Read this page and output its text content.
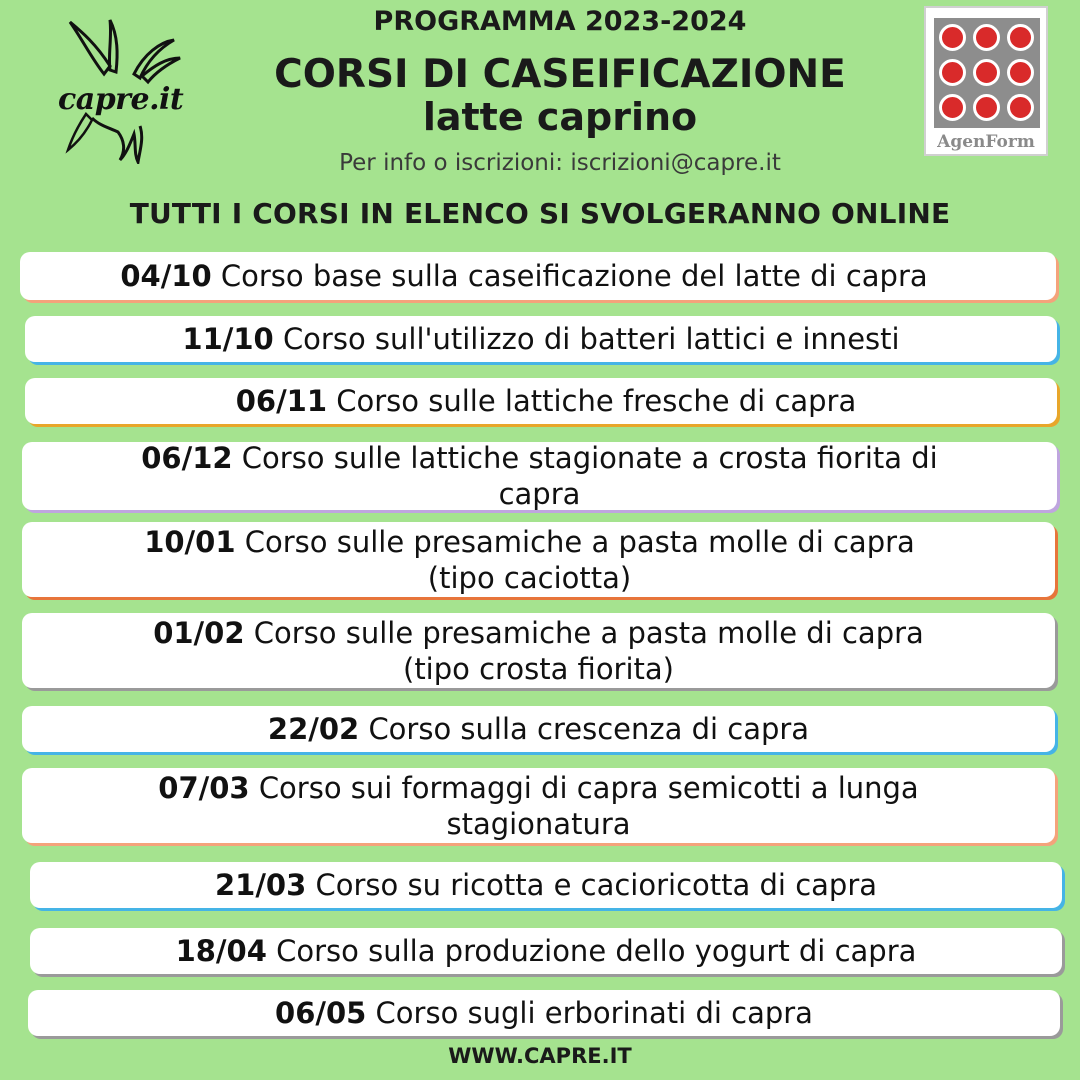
capre.it
PROGRAMMA 2023-2024
CORSI DI CASEIFICAZIONE
latte caprino
Per info o iscrizioni: iscrizioni@capre.it
AgenForm
TUTTI I CORSI IN ELENCO SI SVOLGERANNO ONLINE
04/10 Corso base sulla caseificazione del latte di capra
11/10 Corso sull'utilizzo di batteri lattici e innesti
06/11 Corso sulle lattiche fresche di capra
06/12 Corso sulle lattiche stagionate a crosta fiorita di
capra
10/01 Corso sulle presamiche a pasta molle di capra
(tipo caciotta)
01/02 Corso sulle presamiche a pasta molle di capra
(tipo crosta fiorita)
22/02 Corso sulla crescenza di capra
07/03 Corso sui formaggi di capra semicotti a lunga
stagionatura
21/03 Corso su ricotta e cacioricotta di capra
18/04 Corso sulla produzione dello yogurt di capra
06/05 Corso sugli erborinati di capra
WWW.CAPRE.IT
